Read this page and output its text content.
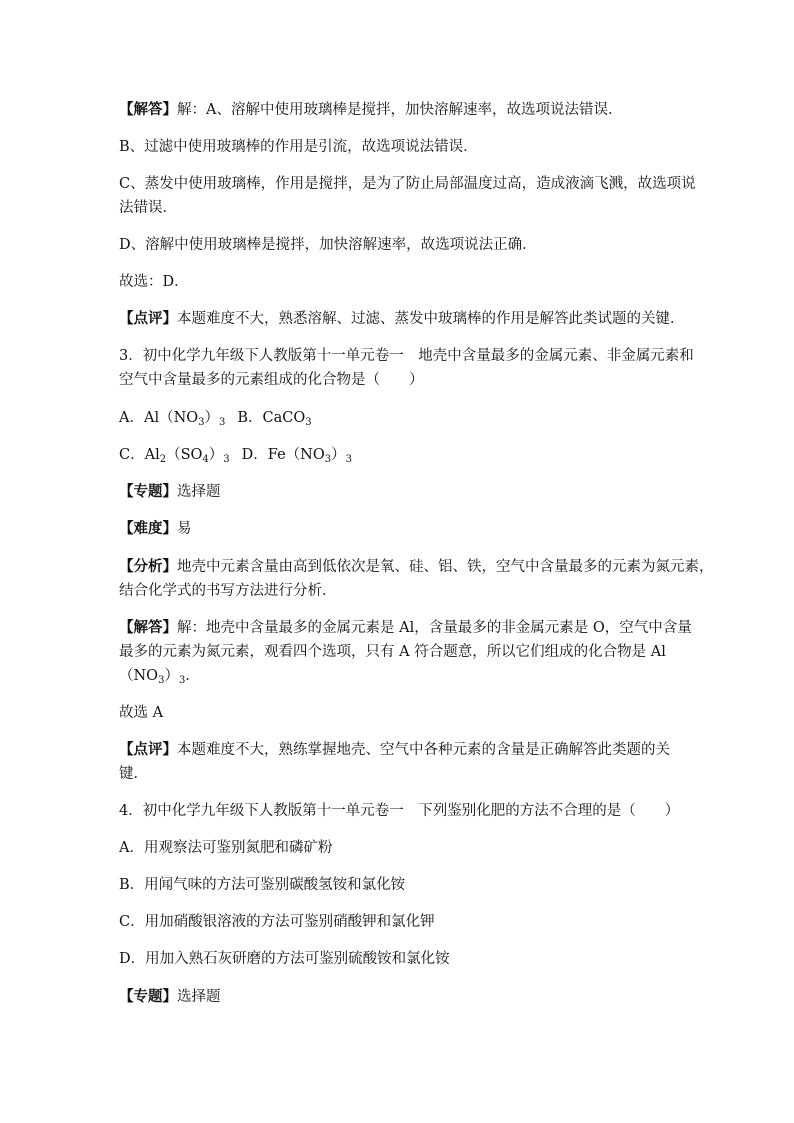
【解答】解：A、溶解中使用玻璃棒是搅拌，加快溶解速率，故选项说法错误．
B、过滤中使用玻璃棒的作用是引流，故选项说法错误．
C、蒸发中使用玻璃棒，作用是搅拌，是为了防止局部温度过高，造成液滴飞溅，故选项说
法错误．
D、溶解中使用玻璃棒是搅拌，加快溶解速率，故选项说法正确．
故选：D．
【点评】本题难度不大，熟悉溶解、过滤、蒸发中玻璃棒的作用是解答此类试题的关键．
3．初中化学九年级下人教版第十一单元卷一　地壳中含量最多的金属元素、非金属元素和
空气中含量最多的元素组成的化合物是（　　）
A．$Al(NO_3)_3$ B．CaCO$_3$
C．$Al_2(SO_4)_3$ D．$Fe(NO_3)_3$
【专题】选择题
【难度】易
【分析】地壳中元素含量由高到低依次是氧、硅、铝、铁，空气中含量最多的元素为氮元素，
结合化学式的书写方法进行分析．
【解答】解：地壳中含量最多的金属元素是 Al，含量最多的非金属元素是 O，空气中含量
最多的元素为氮元素，观看四个选项，只有 A 符合题意，所以它们组成的化合物是 Al
$(NO_3)_3$．
故选 A
【点评】本题难度不大，熟练掌握地壳、空气中各种元素的含量是正确解答此类题的关
键．
4．初中化学九年级下人教版第十一单元卷一　下列鉴别化肥的方法不合理的是（　　）
A．用观察法可鉴别氮肥和磷矿粉
B．用闻气味的方法可鉴别碳酸氢铵和氯化铵
C．用加硝酸银溶液的方法可鉴别硝酸钾和氯化钾
D．用加入熟石灰研磨的方法可鉴别硫酸铵和氯化铵
【专题】选择题
